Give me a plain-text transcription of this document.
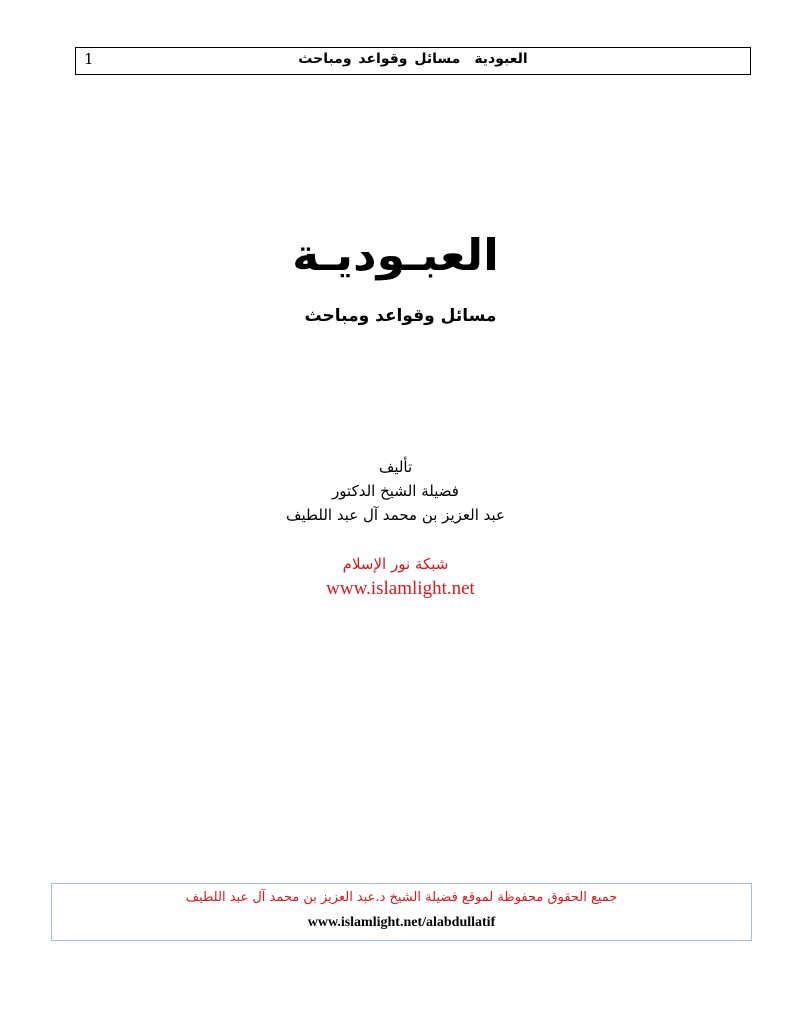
1	العبوديةمسائل وقواعد ومباحث
العبـوديـة
مسائل وقواعد ومباحث
تأليف
فضيلة الشيخ الدكتور
عبد العزيز بن محمد آل عبد اللطيف
شبكة نور الإسلام
www.islamlight.net
جميع الحقوق محفوظة لموقع فضيلة الشيخ د.عبد العزيز بن محمد آل عبد اللطيف
www.islamlight.net/alabdullatif
